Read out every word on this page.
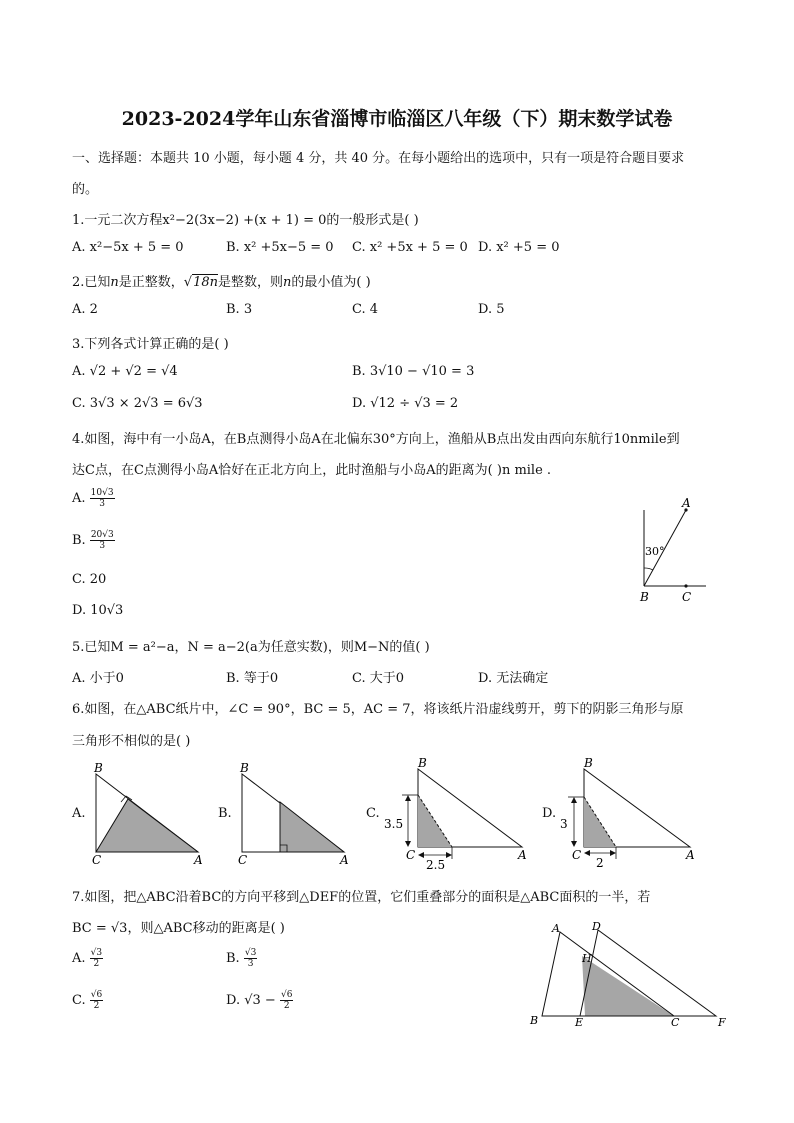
2023-2024学年山东省淄博市临淄区八年级（下）期末数学试卷
一、选择题：本题共 10 小题，每小题 4 分，共 40 分。在每小题给出的选项中，只有一项是符合题目要求
的。
1.一元二次方程x²−2(3x−2) +(x + 1) = 0的一般形式是( )
A. x²−5x + 5 = 0	B. x² +5x−5 = 0 C. x² +5x + 5 = 0 D. x² +5 = 0
2.已知n是正整数，√18n是整数，则n的最小值为( )
A. 2	B. 3	C. 4	D. 5
3.下列各式计算正确的是( )
A. √2 + √2 = √4	B. 3√10 − √10 = 3
C. 3√3 × 2√3 = 6√3	D. √12 ÷ √3 = 2
4.如图，海中有一小岛A，在B点测得小岛A在北偏东30°方向上，渔船从B点出发由西向东航行10nmile到
达C点，在C点测得小岛A恰好在正北方向上，此时渔船与小岛A的距离为( )n mile .
A. $\frac{10√3}{3}$
B. $\frac{20√3}{3}$
C. 20
D. 10√3
A
B	C
30°
5.已知M = a²−a，N = a−2(a为任意实数)，则M−N的值( )
A. 小于0	B. 等于0	C. 大于0	D. 无法确定
6.如图，在△ABC纸片中，∠C = 90°，BC = 5，AC = 7，将该纸片沿虚线剪开，剪下的阴影三角形与原
三角形不相似的是( )
A.
B
C	A
B.
B
C	A
C.
B
C	A
3.5
2.5
D.
B
C	A
3
2
7.如图，把△ABC沿着BC的方向平移到△DEF的位置，它们重叠部分的面积是△ABC面积的一半，若
BC = √3，则△ABC移动的距离是( )
A. $\frac{√3}{2}$	B. $\frac{√3}{3}$
C. $\frac{√6}{2}$	D. $√3 - \frac{√6}{2}$
A	D
H
B	E	C	F
